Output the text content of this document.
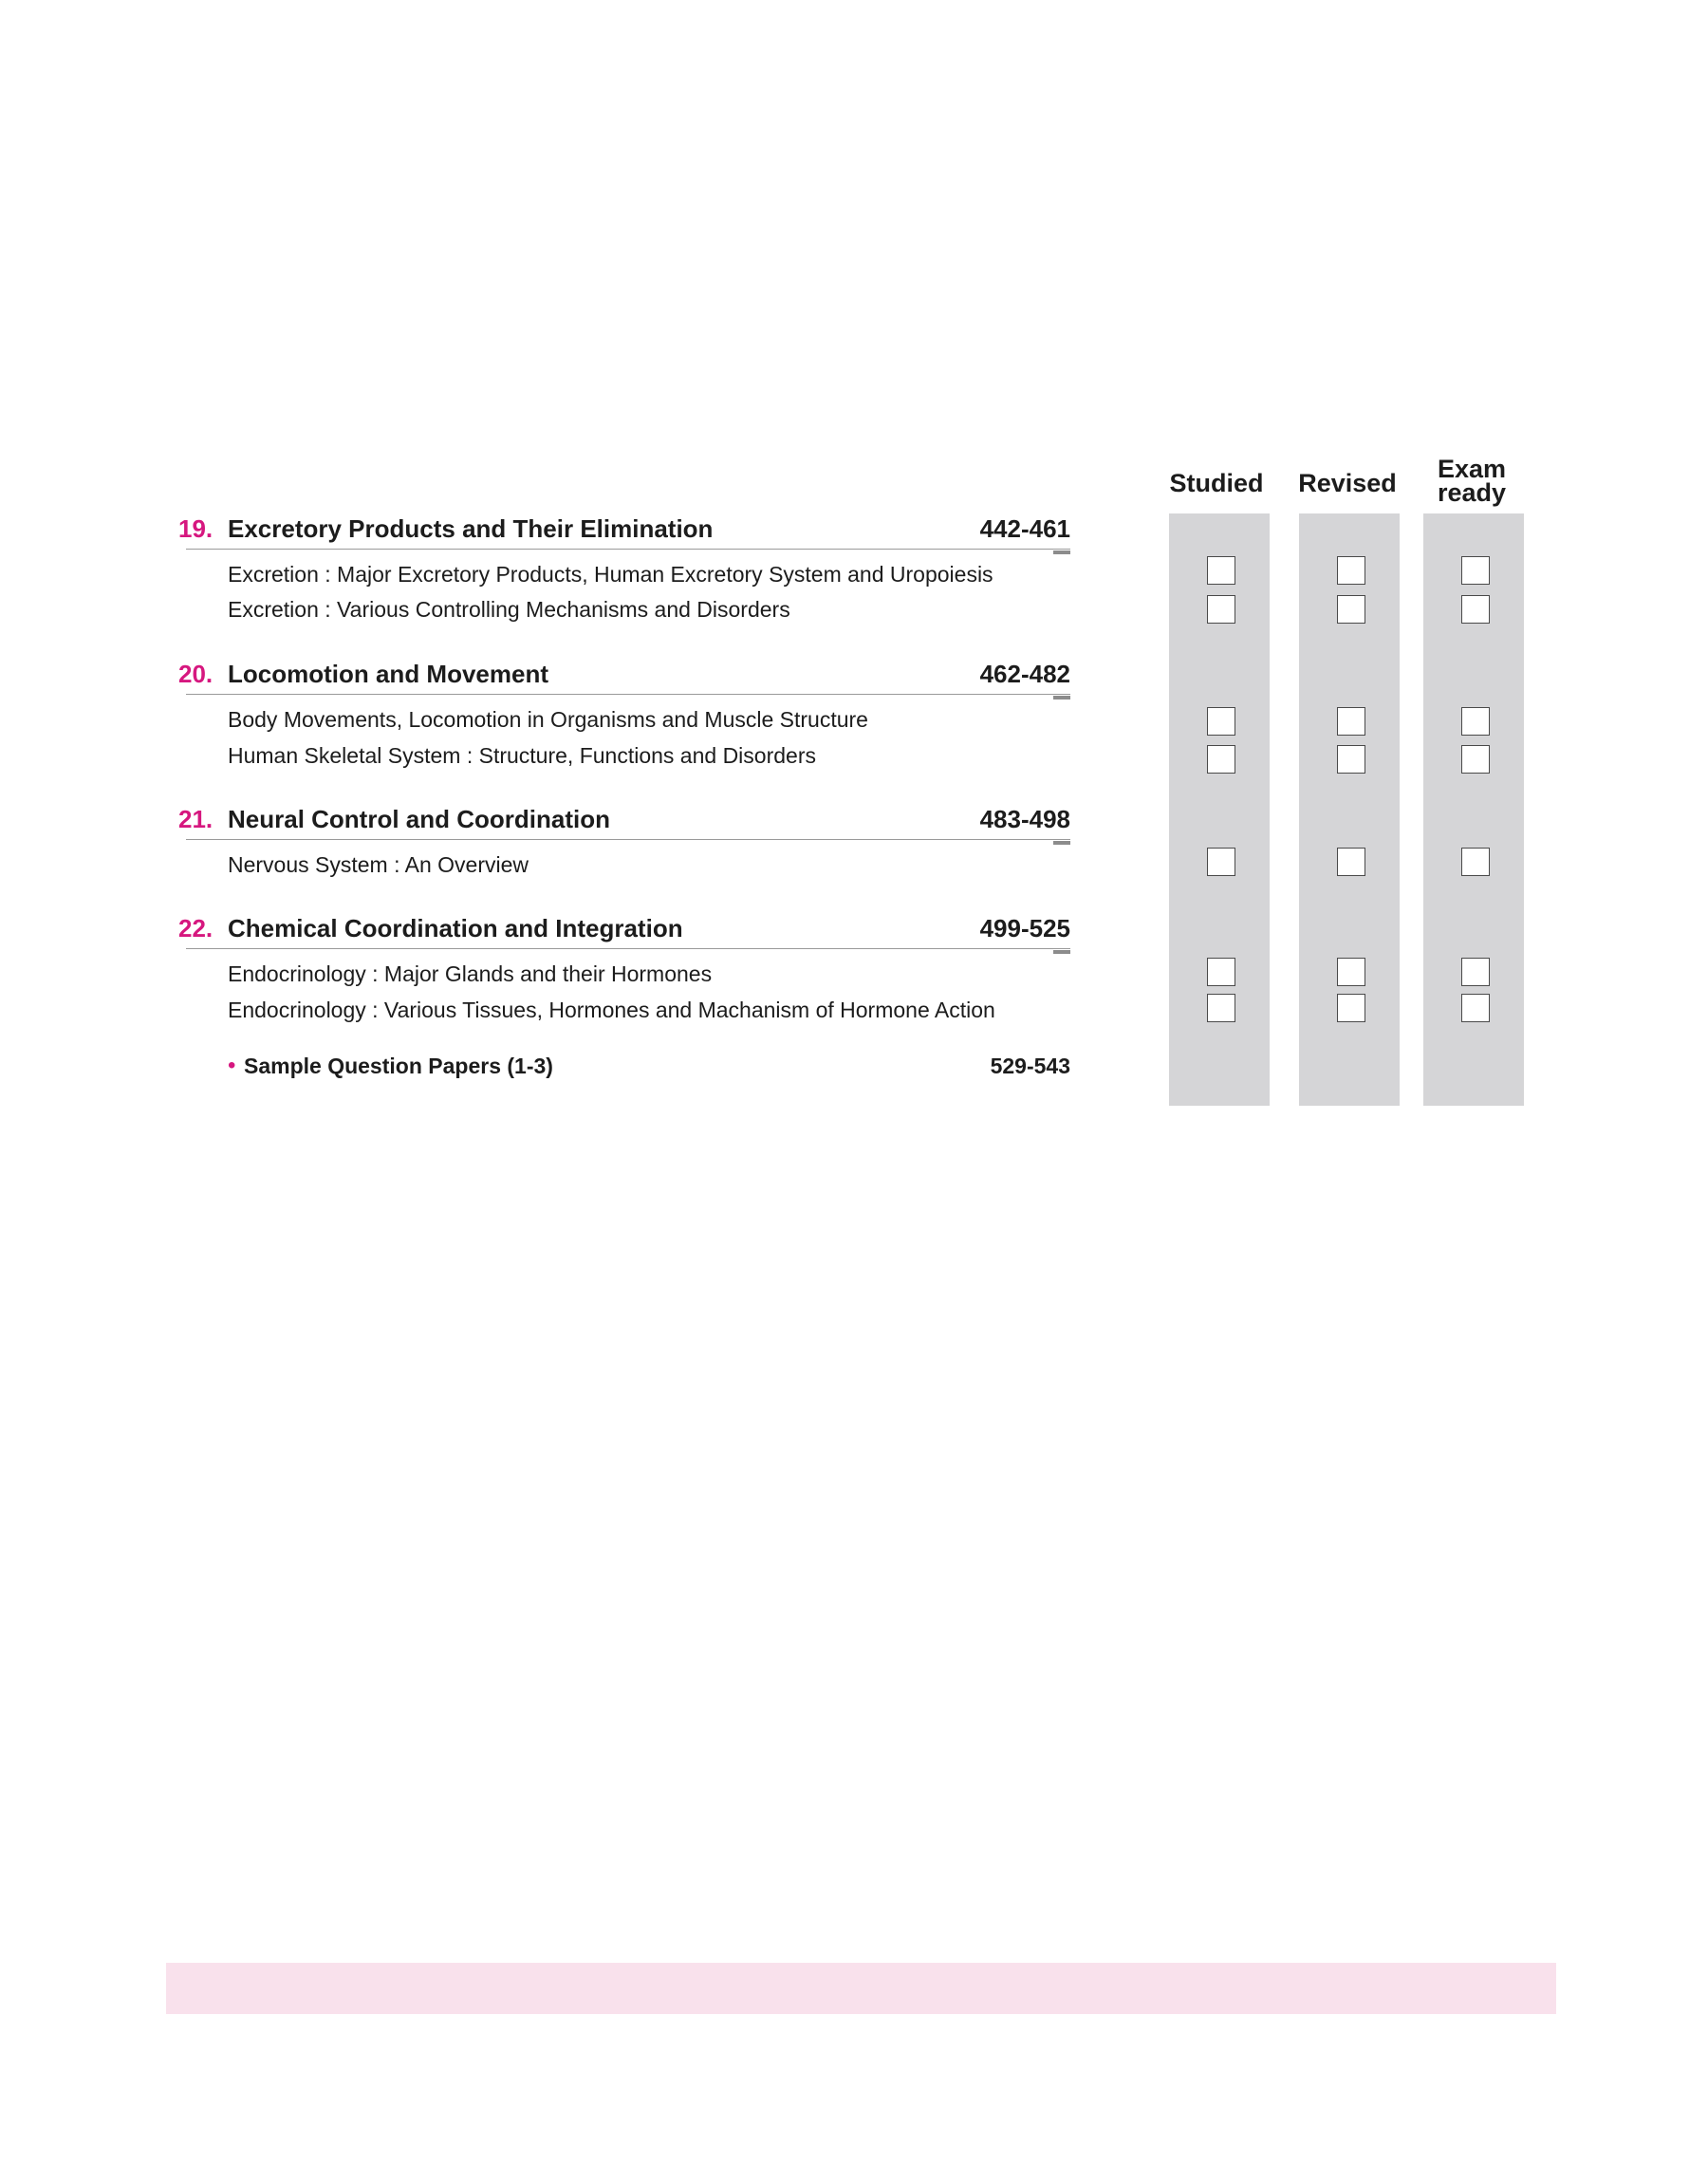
Studied Revised	Exam ready
19. Excretory Products and Their Elimination	442-461
Excretion : Major Excretory Products, Human Excretory System and Uropoiesis
Excretion : Various Controlling Mechanisms and Disorders
20. Locomotion and Movement	462-482
Body Movements, Locomotion in Organisms and Muscle Structure
Human Skeletal System : Structure, Functions and Disorders
21. Neural Control and Coordination	483-498
Nervous System : An Overview
22. Chemical Coordination and Integration	499-525
Endocrinology : Major Glands and their Hormones
Endocrinology : Various Tissues, Hormones and Machanism of Hormone Action
• Sample Question Papers (1-3)	529-543
